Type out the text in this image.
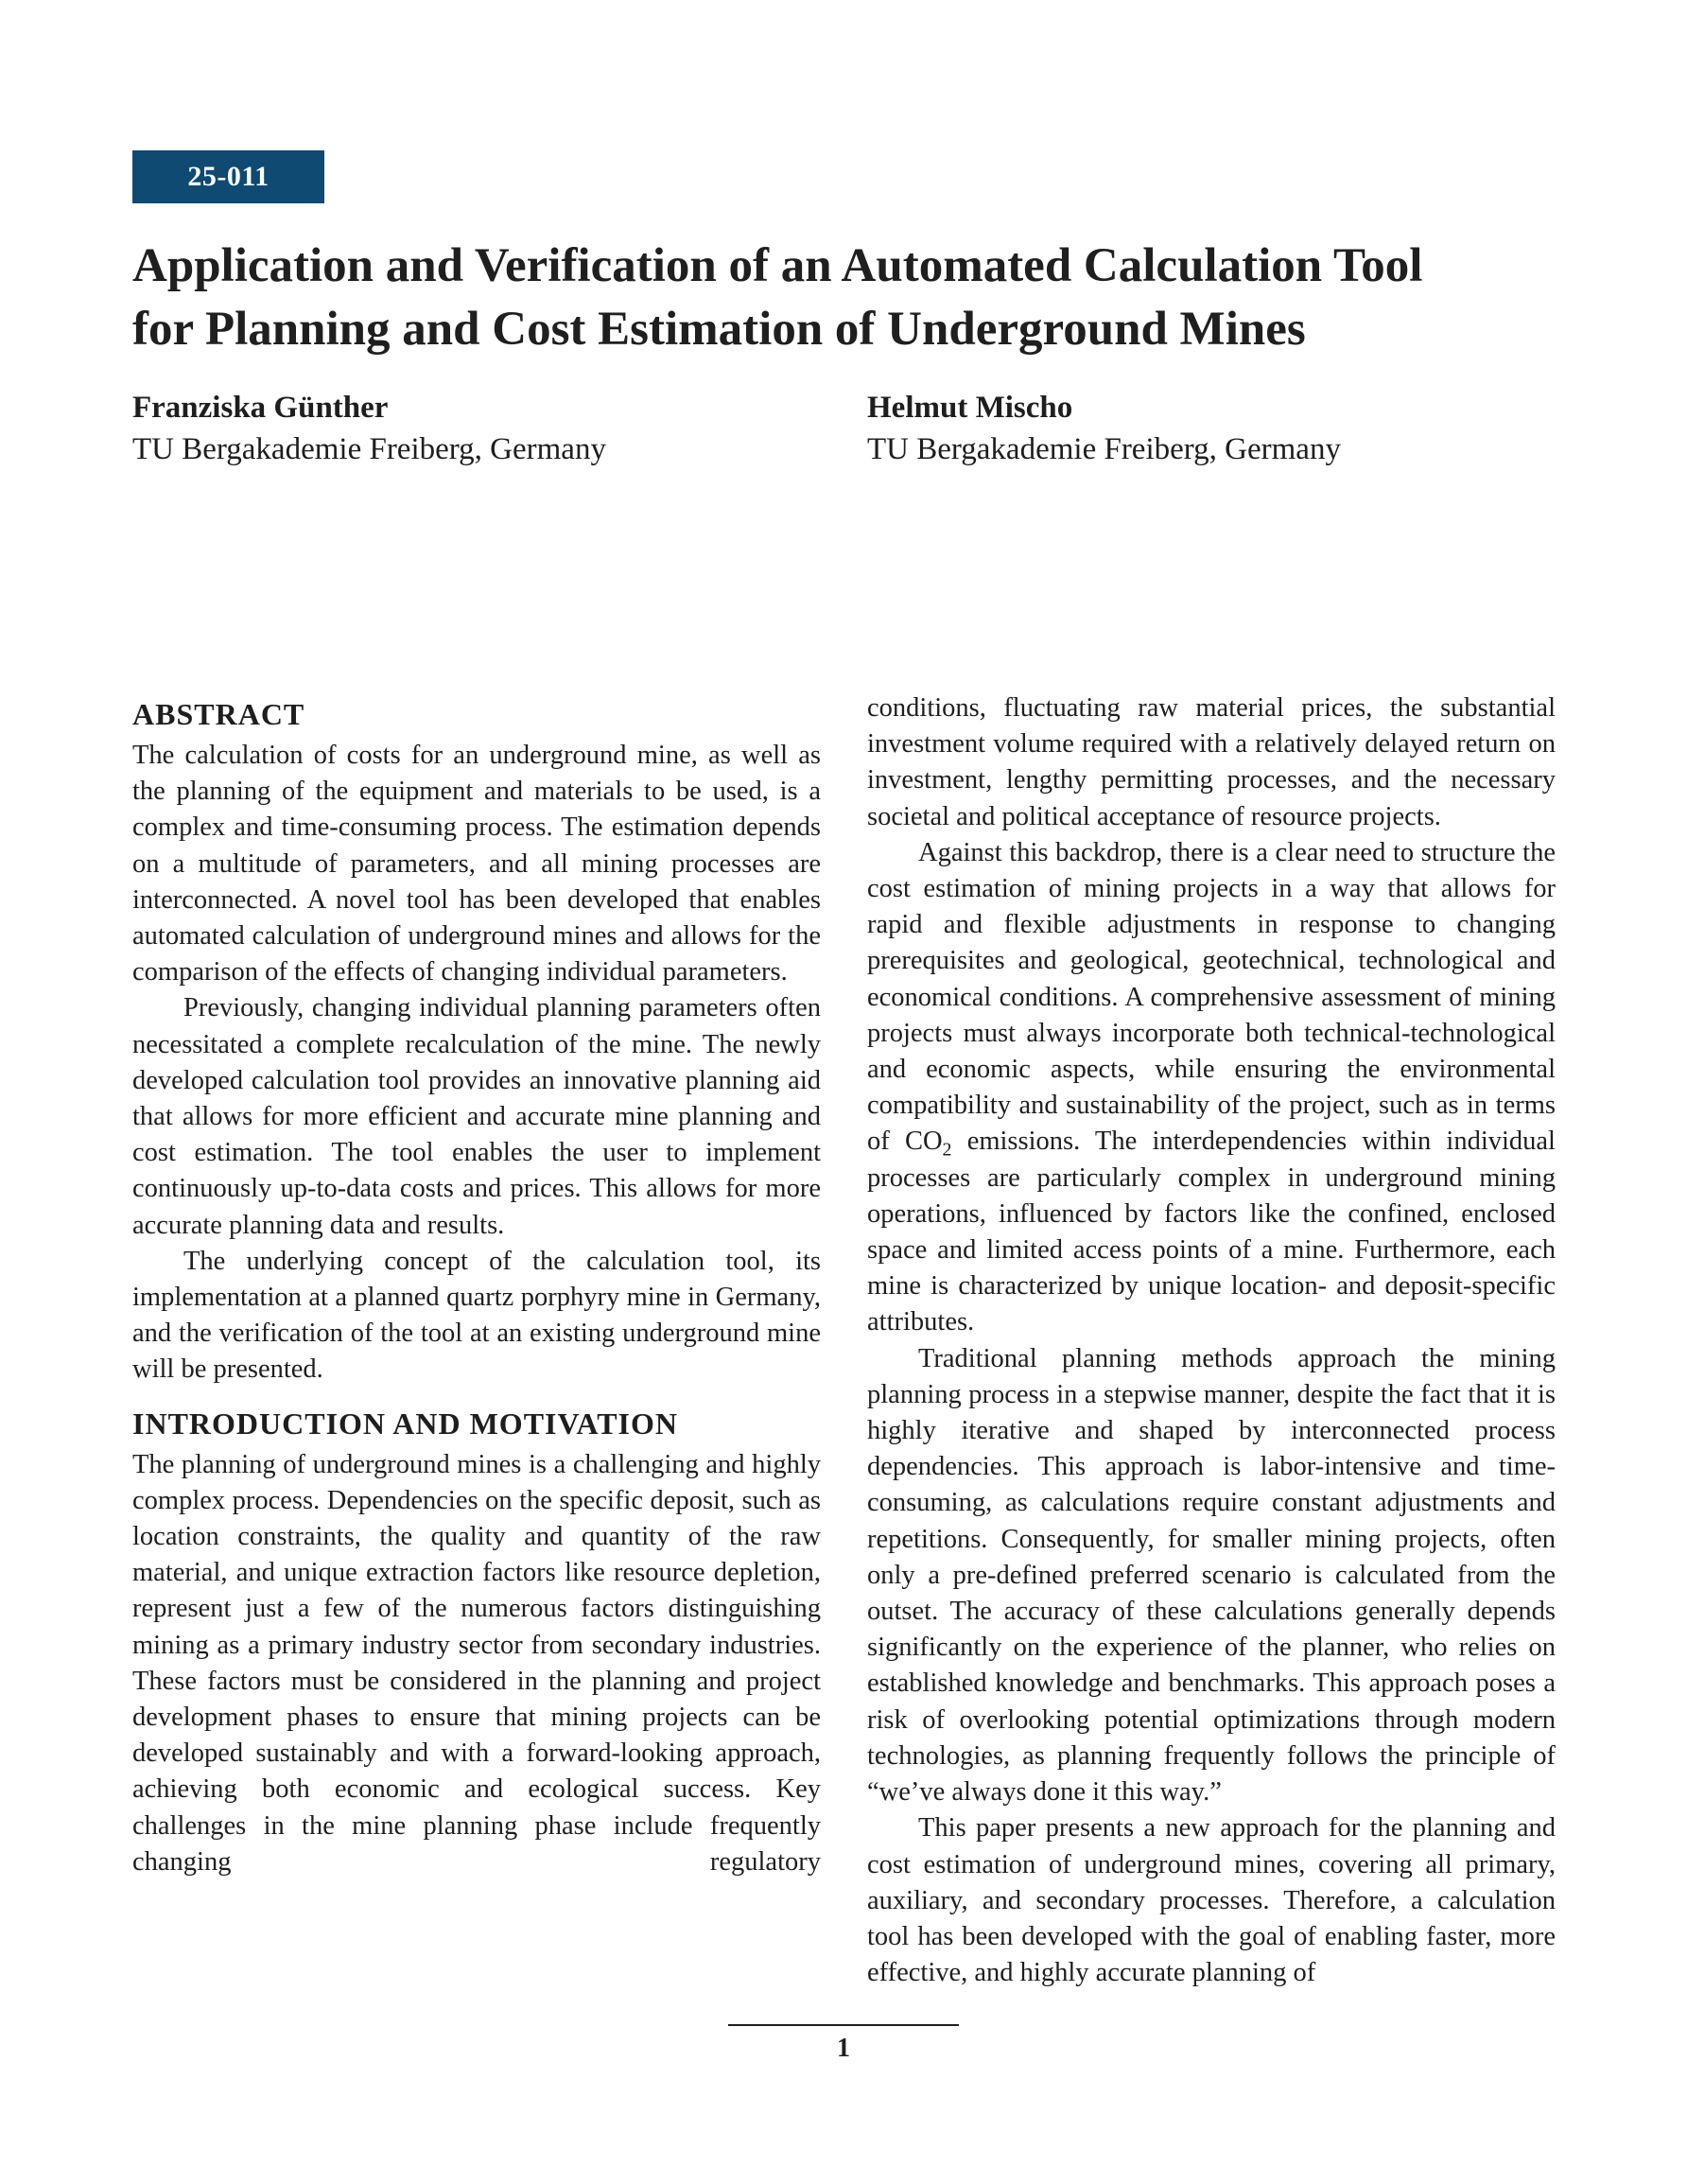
25-011
Application and Verification of an Automated Calculation Tool
for Planning and Cost Estimation of Underground Mines
Franziska Günther
TU Bergakademie Freiberg, Germany
Helmut Mischo
TU Bergakademie Freiberg, Germany
ABSTRACT

The calculation of costs for an underground mine, as well as the planning of the equipment and materials to be used, is a complex and time-consuming process. The estimation depends on a multitude of parameters, and all mining processes are interconnected. A novel tool has been developed that enables automated calculation of underground mines and allows for the comparison of the effects of changing individual parameters.

Previously, changing individual planning parameters often necessitated a complete recalculation of the mine. The newly developed calculation tool provides an innovative planning aid that allows for more efficient and accurate mine planning and cost estimation. The tool enables the user to implement continuously up-to-data costs and prices. This allows for more accurate planning data and results.

The underlying concept of the calculation tool, its implementation at a planned quartz porphyry mine in Germany, and the verification of the tool at an existing underground mine will be presented.

INTRODUCTION AND MOTIVATION

The planning of underground mines is a challenging and highly complex process. Dependencies on the specific deposit, such as location constraints, the quality and quantity of the raw material, and unique extraction factors like resource depletion, represent just a few of the numerous factors distinguishing mining as a primary industry sector from secondary industries. These factors must be considered in the planning and project development phases to ensure that mining projects can be developed sustainably and with a forward-looking approach, achieving both economic and ecological success. Key challenges in the mine planning phase include frequently changing regulatory

conditions, fluctuating raw material prices, the substantial investment volume required with a relatively delayed return on investment, lengthy permitting processes, and the necessary societal and political acceptance of resource projects.

Against this backdrop, there is a clear need to structure the cost estimation of mining projects in a way that allows for rapid and flexible adjustments in response to changing prerequisites and geological, geotechnical, technological and economical conditions. A comprehensive assessment of mining projects must always incorporate both technical-technological and economic aspects, while ensuring the environmental compatibility and sustainability of the project, such as in terms of $CO_2$ emissions. The interdependencies within individual processes are particularly complex in underground mining operations, influenced by factors like the confined, enclosed space and limited access points of a mine. Furthermore, each mine is characterized by unique location- and deposit-specific attributes.

Traditional planning methods approach the mining planning process in a stepwise manner, despite the fact that it is highly iterative and shaped by interconnected process dependencies. This approach is labor-intensive and time-consuming, as calculations require constant adjustments and repetitions. Consequently, for smaller mining projects, often only a pre-defined preferred scenario is calculated from the outset. The accuracy of these calculations generally depends significantly on the experience of the planner, who relies on established knowledge and benchmarks. This approach poses a risk of overlooking potential optimizations through modern technologies, as planning frequently follows the principle of “we’ve always done it this way.”

This paper presents a new approach for the planning and cost estimation of underground mines, covering all primary, auxiliary, and secondary processes. Therefore, a calculation tool has been developed with the goal of enabling faster, more effective, and highly accurate planning of

1
